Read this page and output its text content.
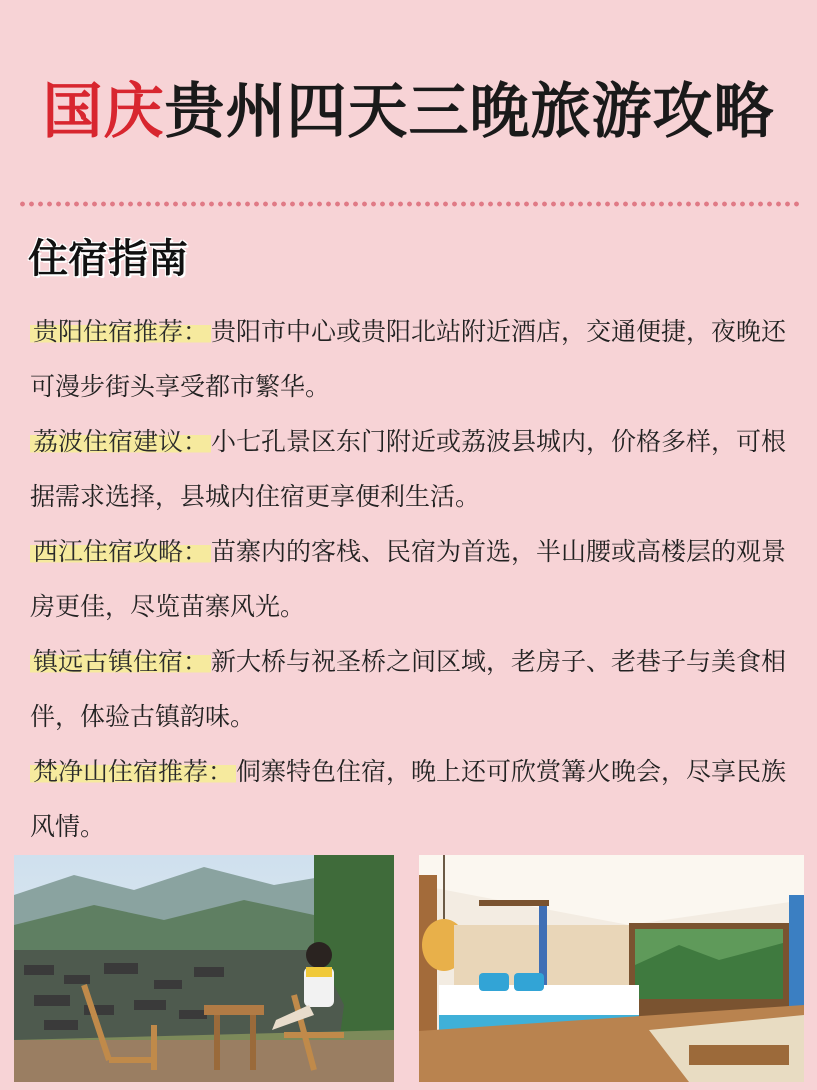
国庆贵州四天三晚旅游攻略
住宿指南
贵阳住宿推荐： 贵阳市中心或贵阳北站附近酒店，交通便捷，夜晚还可漫步街头享受都市繁华。
荔波住宿建议： 小七孔景区东门附近或荔波县城内，价格多样，可根据需求选择，县城内住宿更享便利生活。
西江住宿攻略： 苗寨内的客栈、民宿为首选，半山腰或高楼层的观景房更佳，尽览苗寨风光。
镇远古镇住宿： 新大桥与祝圣桥之间区域，老房子、老巷子与美食相伴，体验古镇韵味。
梵净山住宿推荐： 侗寨特色住宿，晚上还可欣赏篝火晚会，尽享民族风情。
